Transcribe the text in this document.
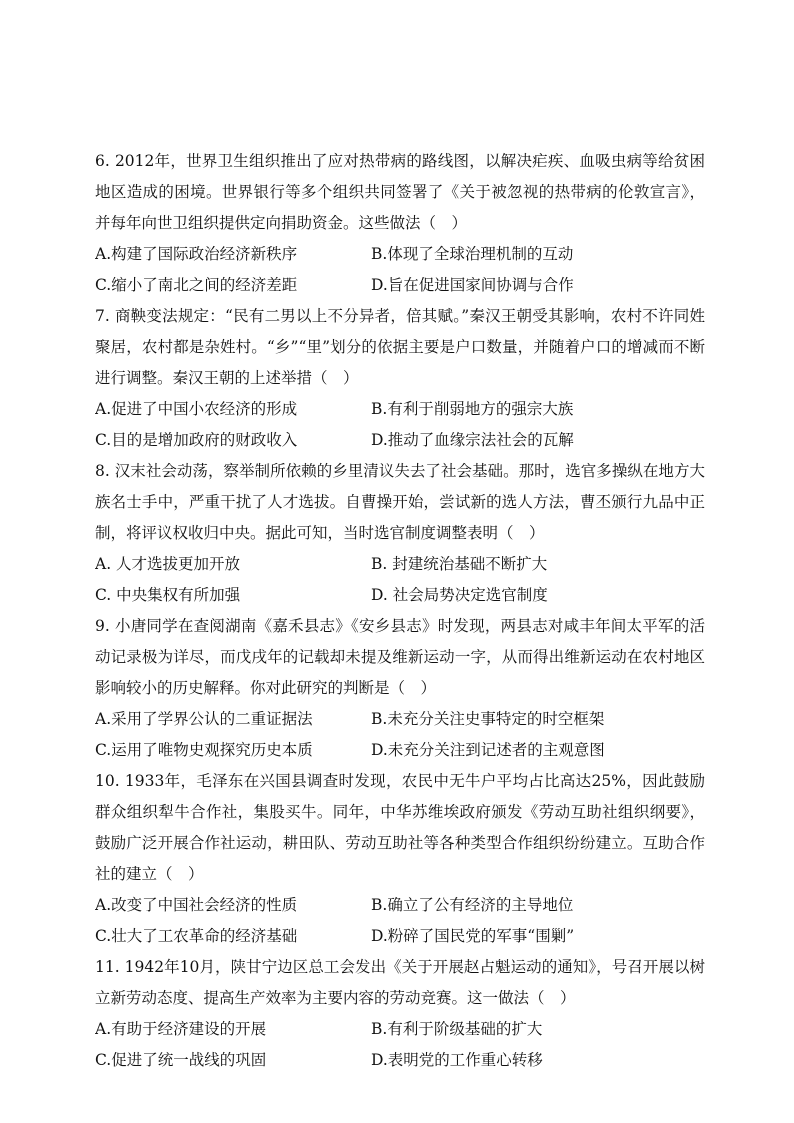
6. 2012年，世界卫生组织推出了应对热带病的路线图，以解决疟疾、血吸虫病等给贫困地区造成的困境。世界银行等多个组织共同签署了《关于被忽视的热带病的伦敦宣言》，并每年向世卫组织提供定向捐助资金。这些做法（　）

A.构建了国际政治经济新秩序	B.体现了全球治理机制的互动
C.缩小了南北之间的经济差距	D.旨在促进国家间协调与合作

7. 商鞅变法规定：“民有二男以上不分异者，倍其赋。”秦汉王朝受其影响，农村不许同姓聚居，农村都是杂姓村。“乡”“里”划分的依据主要是户口数量，并随着户口的增减而不断进行调整。秦汉王朝的上述举措（　）

A.促进了中国小农经济的形成	B.有利于削弱地方的强宗大族
C.目的是增加政府的财政收入	D.推动了血缘宗法社会的瓦解

8. 汉末社会动荡，察举制所依赖的乡里清议失去了社会基础。那时，选官多操纵在地方大族名士手中，严重干扰了人才选拔。自曹操开始，尝试新的选人方法，曹丕颁行九品中正制，将评议权收归中央。据此可知，当时选官制度调整表明（　）

A. 人才选拔更加开放	B. 封建统治基础不断扩大
C. 中央集权有所加强	D. 社会局势决定选官制度

9. 小唐同学在查阅湖南《嘉禾县志》《安乡县志》时发现，两县志对咸丰年间太平军的活动记录极为详尽，而戊戌年的记载却未提及维新运动一字，从而得出维新运动在农村地区影响较小的历史解释。你对此研究的判断是（　）

A.采用了学界公认的二重证据法	B.未充分关注史事特定的时空框架
C.运用了唯物史观探究历史本质	D.未充分关注到记述者的主观意图

10. 1933年，毛泽东在兴国县调查时发现，农民中无牛户平均占比高达25%，因此鼓励群众组织犁牛合作社，集股买牛。同年，中华苏维埃政府颁发《劳动互助社组织纲要》，鼓励广泛开展合作社运动，耕田队、劳动互助社等各种类型合作组织纷纷建立。互助合作社的建立（　）

A.改变了中国社会经济的性质	B.确立了公有经济的主导地位
C.壮大了工农革命的经济基础	D.粉碎了国民党的军事“围剿”

11. 1942年10月，陕甘宁边区总工会发出《关于开展赵占魁运动的通知》，号召开展以树立新劳动态度、提高生产效率为主要内容的劳动竞赛。这一做法（　）

A.有助于经济建设的开展	B.有利于阶级基础的扩大
C.促进了统一战线的巩固	D.表明党的工作重心转移
